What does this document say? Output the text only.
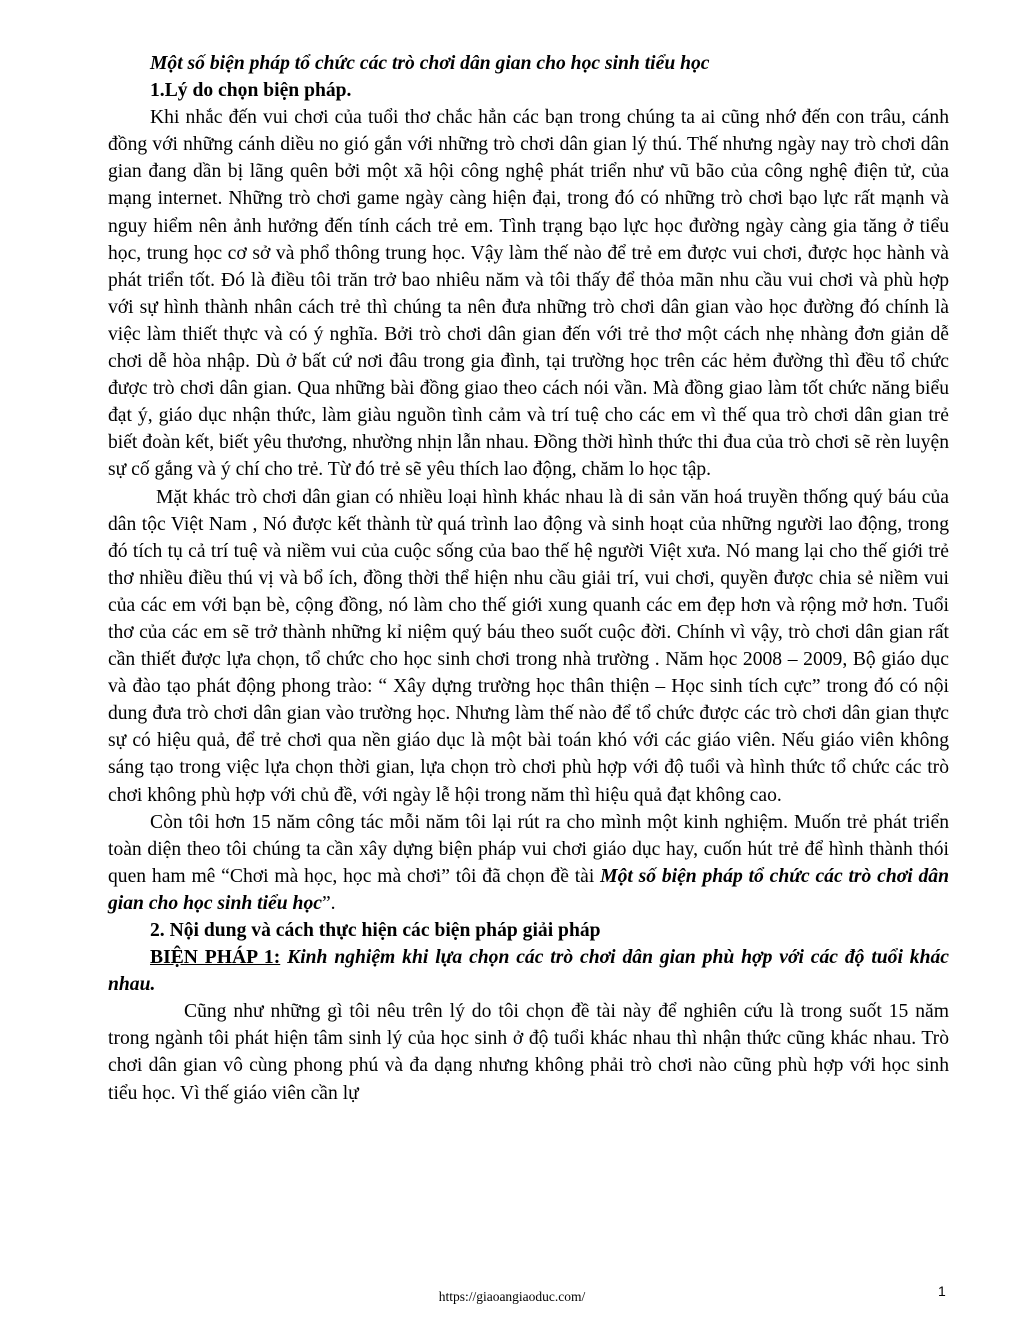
Một số biện pháp tổ chức các trò chơi dân gian cho học sinh tiểu học

1.Lý do chọn biện pháp.

Khi nhắc đến vui chơi của tuổi thơ chắc hẳn các bạn trong chúng ta ai cũng nhớ đến con trâu, cánh đồng với những cánh diều no gió gắn với những trò chơi dân gian lý thú. Thế nhưng ngày nay trò chơi dân gian đang dần bị lãng quên bởi một xã hội công nghệ phát triển như vũ bão của công nghệ điện tử, của mạng internet. Những trò chơi game ngày càng hiện đại, trong đó có những trò chơi bạo lực rất mạnh và nguy hiểm nên ảnh hưởng đến tính cách trẻ em. Tình trạng bạo lực học đường ngày càng gia tăng ở tiểu học, trung học cơ sở và phổ thông trung học. Vậy làm thế nào để trẻ em được vui chơi, được học hành và phát triển tốt. Đó là điều tôi trăn trở bao nhiêu năm và tôi thấy để thỏa mãn nhu cầu vui chơi và phù hợp với sự hình thành nhân cách trẻ thì chúng ta nên đưa những trò chơi dân gian vào học đường đó chính là việc làm thiết thực và có ý nghĩa. Bởi trò chơi dân gian đến với trẻ thơ một cách nhẹ nhàng đơn giản dễ chơi dễ hòa nhập. Dù ở bất cứ nơi đâu trong gia đình, tại trường học trên các hẻm đường thì đều tổ chức được trò chơi dân gian. Qua những bài đồng giao theo cách nói vần. Mà đồng giao làm tốt chức năng biểu đạt ý, giáo dục nhận thức, làm giàu nguồn tình cảm và trí tuệ cho các em vì thế qua trò chơi dân gian trẻ biết đoàn kết, biết yêu thương, nhường nhịn lẫn nhau. Đồng thời hình thức thi đua của trò chơi sẽ rèn luyện sự cố gắng và ý chí cho trẻ. Từ đó trẻ sẽ yêu thích lao động, chăm lo học tập.

Mặt khác trò chơi dân gian có nhiều loại hình khác nhau là di sản văn hoá truyền thống quý báu của dân tộc Việt Nam , Nó được kết thành từ quá trình lao động và sinh hoạt của những người lao động, trong đó tích tụ cả trí tuệ và niềm vui của cuộc sống của bao thế hệ người Việt xưa. Nó mang lại cho thế giới trẻ thơ nhiều điều thú vị và bổ ích, đồng thời thể hiện nhu cầu giải trí, vui chơi, quyền được chia sẻ niềm vui của các em với bạn bè, cộng đồng, nó làm cho thế giới xung quanh các em đẹp hơn và rộng mở hơn. Tuổi thơ của các em sẽ trở thành những kỉ niệm quý báu theo suốt cuộc đời. Chính vì vậy, trò chơi dân gian rất cần thiết được lựa chọn, tổ chức cho học sinh chơi trong nhà trường . Năm học 2008 – 2009, Bộ giáo dục và đào tạo phát động phong trào: “ Xây dựng trường học thân thiện – Học sinh tích cực” trong đó có nội dung đưa trò chơi dân gian vào trường học. Nhưng làm thế nào để tổ chức được các trò chơi dân gian thực sự có hiệu quả, để trẻ chơi qua nền giáo dục là một bài toán khó với các giáo viên. Nếu giáo viên không sáng tạo trong việc lựa chọn thời gian, lựa chọn trò chơi phù hợp với độ tuổi và hình thức tổ chức các trò chơi không phù hợp với chủ đề, với ngày lễ hội trong năm thì hiệu quả đạt không cao.

Còn tôi hơn 15 năm công tác mỗi năm tôi lại rút ra cho mình một kinh nghiệm. Muốn trẻ phát triển toàn diện theo tôi chúng ta cần xây dựng biện pháp vui chơi giáo dục hay, cuốn hút trẻ để hình thành thói quen ham mê “Chơi mà học, học mà chơi” tôi đã chọn đề tài Một số biện pháp tổ chức các trò chơi dân gian cho học sinh tiểu học”.

2. Nội dung và cách thực hiện các biện pháp giải pháp

BIỆN PHÁP 1: Kinh nghiệm khi lựa chọn các trò chơi dân gian phù hợp với các độ tuổi khác nhau.

Cũng như những gì tôi nêu trên lý do tôi chọn đề tài này để nghiên cứu là trong suốt 15 năm trong ngành tôi phát hiện tâm sinh lý của học sinh ở độ tuổi khác nhau thì nhận thức cũng khác nhau. Trò chơi dân gian vô cùng phong phú và đa dạng nhưng không phải trò chơi nào cũng phù hợp với học sinh tiểu học. Vì thế giáo viên cần lự

https://giaoangiaoduc.com/	1
